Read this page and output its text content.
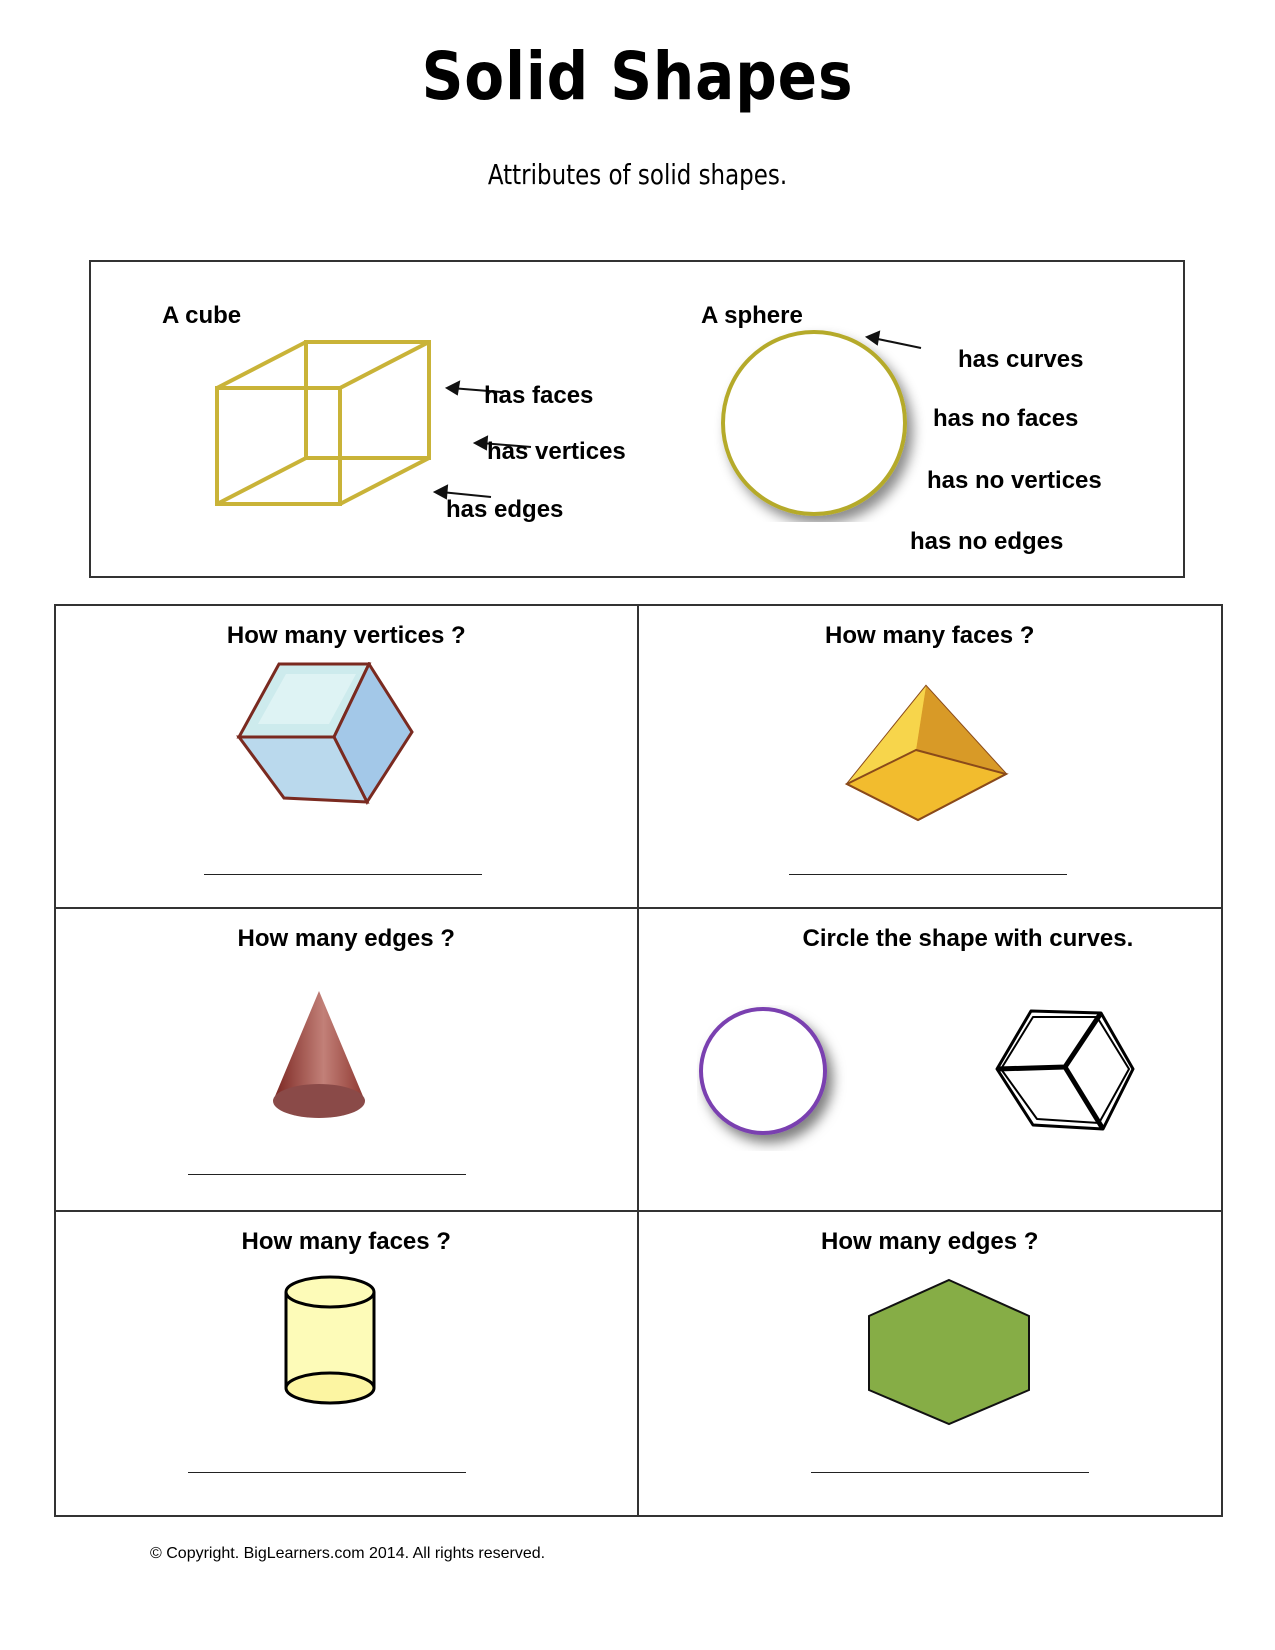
Solid Shapes
Attributes of solid shapes.
A cube
has faces
has vertices
has edges
A sphere
has curves
has no faces
has no vertices
has no edges
How many vertices ?	How many faces ?
How many edges ?	Circle the shape with curves.
How many faces ?	How many edges ?
© Copyright. BigLearners.com 2014. All rights reserved.
